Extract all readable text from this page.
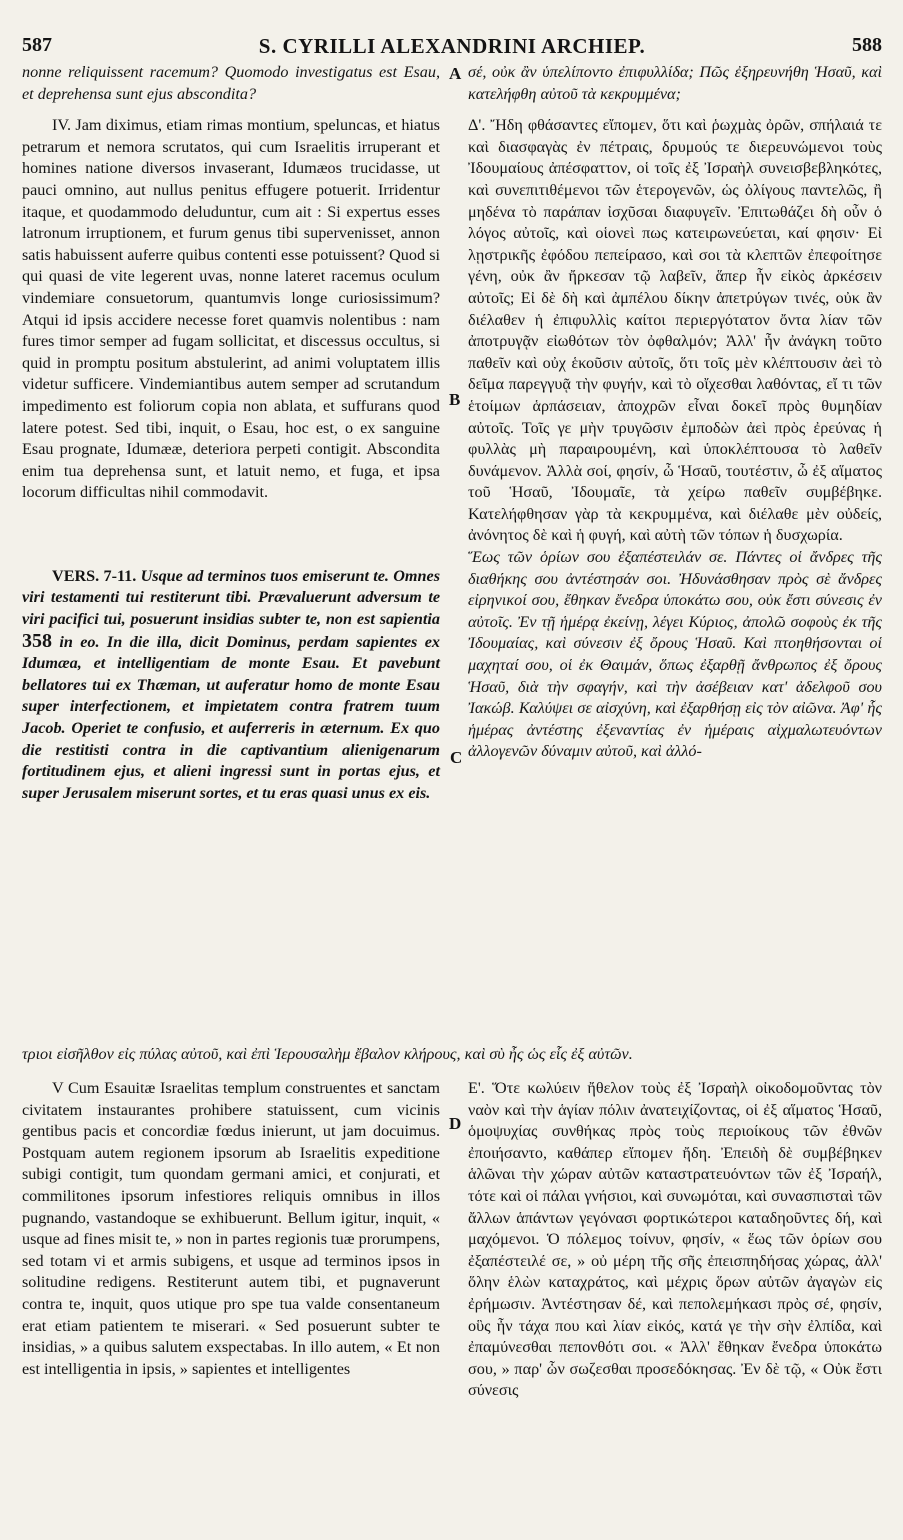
587	S. CYRILLI ALEXANDRINI ARCHIEP.	588

nonne reliquissent racemum? Quomodo investigatus est Esau, et deprehensa sunt ejus abscondita?

IV. Jam diximus, etiam rimas montium, speluncas, et hiatus petrarum et nemora scrutatos, qui cum Israelitis irruperant et homines natione diversos invaserant, Idumæos trucidasse, ut pauci omnino, aut nullus penitus effugere potuerit. Irridentur itaque, et quodammodo deluduntur, cum ait : Si expertus esses latronum irruptionem, et furum genus tibi supervenisset, annon satis habuissent auferre quibus contenti esse potuissent? Quod si qui quasi de vite legerent uvas, nonne lateret racemus oculum vindemiare consuetorum, quantumvis longe curiosissimum? Atqui id ipsis accidere necesse foret quamvis nolentibus : nam fures timor semper ad fugam sollicitat, et discessus occultus, si quid in promptu positum abstulerint, ad animi voluptatem illis videtur sufficere. Vindemiantibus autem semper ad scrutandum impedimento est foliorum copia non ablata, et suffurans quod latere potest. Sed tibi, inquit, o Esau, hoc est, o ex sanguine Esau prognate, Idumææ, deteriora perpeti contigit. Abscondita enim tua deprehensa sunt, et latuit nemo, et fuga, et ipsa locorum difficultas nihil commodavit.

VERS. 7-11. Usque ad terminos tuos emiserunt te. Omnes viri testamenti tui restiterunt tibi. Prævaluerunt adversum te viri pacifici tui, posuerunt insidias subter te, non est sapientia 358 in eo. In die illa, dicit Dominus, perdam sapientes ex Idumæa, et intelligentiam de monte Esau. Et pavebunt bellatores tui ex Thæman, ut auferatur homo de monte Esau super interfectionem, et impietatem contra fratrem tuum Jacob. Operiet te confusio, et auferreris in æternum. Ex quo die restitisti contra in die captivantium alienigenarum fortitudinem ejus, et alieni ingressi sunt in portas ejus, et super Jerusalem miserunt sortes, et tu eras quasi unus ex eis.

A
B
C
D

σέ, οὐκ ἂν ὑπελίποντο ἐπιφυλλίδα; Πῶς ἐξηρευνήθη Ἡσαῦ, καὶ κατελήφθη αὐτοῦ τὰ κεκρυμμένα;

Δ'. Ἤδη φθάσαντες εἴπομεν, ὅτι καὶ ῥωχμὰς ὀρῶν, σπήλαιά τε καὶ διασφαγὰς ἐν πέτραις, δρυμούς τε διερευνώμενοι τοὺς Ἰδουμαίους ἀπέσφαττον, οἱ τοῖς ἐξ Ἰσραὴλ συνεισβεβληκότες, καὶ συνεπιτιθέμενοι τῶν ἑτερογενῶν, ὡς ὀλίγους παντελῶς, ἢ μηδένα τὸ παράπαν ἰσχῦσαι διαφυγεῖν. Ἐπιτωθάζει δὴ οὖν ὁ λόγος αὐτοῖς, καὶ οἱονεὶ πως κατειρωνεύεται, καί φησιν· Εἰ λῃστρικῆς ἐφόδου πεπείρασο, καὶ σοι τὰ κλεπτῶν ἐπεφοίτησε γένη, οὐκ ἂν ἤρκεσαν τῷ λαβεῖν, ἅπερ ἦν εἰκὸς ἀρκέσειν αὐτοῖς; Εἰ δὲ δὴ καὶ ἀμπέλου δίκην ἀπετρύγων τινές, οὐκ ἂν διέλαθεν ἡ ἐπιφυλλὶς καίτοι περιεργότατον ὄντα λίαν τῶν ἀποτρυγᾷν εἰωθότων τὸν ὀφθαλμόν; Ἀλλ' ἦν ἀνάγκη τοῦτο παθεῖν καὶ οὐχ ἑκοῦσιν αὐτοῖς, ὅτι τοῖς μὲν κλέπτουσιν ἀεὶ τὸ δεῖμα παρεγγυᾷ τὴν φυγήν, καὶ τὸ οἴχεσθαι λαθόντας, εἴ τι τῶν ἑτοίμων ἁρπάσειαν, ἀποχρῶν εἶναι δοκεῖ πρὸς θυμηδίαν αὐτοῖς. Τοῖς γε μὴν τρυγῶσιν ἐμποδὼν ἀεὶ πρὸς ἐρεύνας ἡ φυλλὰς μὴ παραιρουμένη, καὶ ὑποκλέπτουσα τὸ λαθεῖν δυνάμενον. Ἀλλὰ σοί, φησίν, ὦ Ἡσαῦ, τουτέστιν, ὦ ἐξ αἵματος τοῦ Ἡσαῦ, Ἰδουμαῖε, τὰ χείρω παθεῖν συμβέβηκε. Κατελήφθησαν γὰρ τὰ κεκρυμμένα, καὶ διέλαθε μὲν οὐδείς, ἀνόνητος δὲ καὶ ἡ φυγή, καὶ αὐτὴ τῶν τόπων ἡ δυσχωρία.

Ἕως τῶν ὁρίων σου ἐξαπέστειλάν σε. Πάντες οἱ ἄνδρες τῆς διαθήκης σου ἀντέστησάν σοι. Ἠδυνάσθησαν πρὸς σὲ ἄνδρες εἰρηνικοί σου, ἔθηκαν ἔνεδρα ὑποκάτω σου, οὐκ ἔστι σύνεσις ἐν αὐτοῖς. Ἐν τῇ ἡμέρᾳ ἐκείνῃ, λέγει Κύριος, ἀπολῶ σοφοὺς ἐκ τῆς Ἰδουμαίας, καὶ σύνεσιν ἐξ ὄρους Ἡσαῦ. Καὶ πτοηθήσονται οἱ μαχηταί σου, οἱ ἐκ Θαιμάν, ὅπως ἐξαρθῇ ἄνθρωπος ἐξ ὄρους Ἡσαῦ, διὰ τὴν σφαγήν, καὶ τὴν ἀσέβειαν κατ' ἀδελφοῦ σου Ἰακώβ. Καλύψει σε αἰσχύνη, καὶ ἐξαρθήσῃ εἰς τὸν αἰῶνα. Ἀφ' ἧς ἡμέρας ἀντέστης ἐξεναντίας ἐν ἡμέραις αἰχμαλωτευόντων ἀλλογενῶν δύναμιν αὐτοῦ, καὶ ἀλλό-

τριοι εἰσῆλθον εἰς πύλας αὐτοῦ, καὶ ἐπὶ Ἱερουσαλὴμ ἔβαλον κλήρους, καὶ σὺ ἦς ὡς εἷς ἐξ αὐτῶν.

V Cum Esauitæ Israelitas templum construentes et sanctam civitatem instaurantes prohibere statuissent, cum vicinis gentibus pacis et concordiæ fœdus inierunt, ut jam docuimus. Postquam autem regionem ipsorum ab Israelitis expeditione subigi contigit, tum quondam germani amici, et conjurati, et commilitones ipsorum infestiores reliquis omnibus in illos pugnando, vastandoque se exhibuerunt. Bellum igitur, inquit, « usque ad fines misit te, » non in partes regionis tuæ prorumpens, sed totam vi et armis subigens, et usque ad terminos ipsos in solitudine redigens. Restiterunt autem tibi, et pugnaverunt contra te, inquit, quos utique pro spe tua valde consentaneum erat etiam patientem te miserari. « Sed posuerunt subter te insidias, » a quibus salutem exspectabas. In illo autem, « Et non est intelligentia in ipsis, » sapientes et intelligentes

Ε'. Ὅτε κωλύειν ἤθελον τοὺς ἐξ Ἰσραὴλ οἰκοδομοῦντας τὸν ναὸν καὶ τὴν ἁγίαν πόλιν ἀνατειχίζοντας, οἱ ἐξ αἵματος Ἡσαῦ, ὁμοψυχίας συνθήκας πρὸς τοὺς περιοίκους τῶν ἐθνῶν ἐποιήσαντο, καθάπερ εἴπομεν ἤδη. Ἐπειδὴ δὲ συμβέβηκεν ἁλῶναι τὴν χώραν αὐτῶν καταστρατευόντων τῶν ἐξ Ἰσραήλ, τότε καὶ οἱ πάλαι γνήσιοι, καὶ συνωμόται, καὶ συνασπισταὶ τῶν ἄλλων ἁπάντων γεγόνασι φορτικώτεροι καταδηοῦντες δή, καὶ μαχόμενοι. Ὁ πόλεμος τοίνυν, φησίν, « ἕως τῶν ὁρίων σου ἐξαπέστειλέ σε, » οὐ μέρη τῆς σῆς ἐπεισπηδήσας χώρας, ἀλλ' ὅλην ἑλὼν καταχράτος, καὶ μέχρις ὅρων αὐτῶν ἀγαγὼν εἰς ἐρήμωσιν. Ἀντέστησαν δέ, καὶ πεπολεμήκασι πρὸς σέ, φησίν, οὓς ἦν τάχα που καὶ λίαν εἰκός, κατά γε τὴν σὴν ἐλπίδα, καὶ ἐπαμύνεσθαι πεπονθότι σοι. « Ἀλλ' ἔθηκαν ἔνεδρα ὑποκάτω σου, » παρ' ὧν σωζεσθαι προσεδόκησας. Ἐν δὲ τῷ, « Οὐκ ἔστι σύνεσις
